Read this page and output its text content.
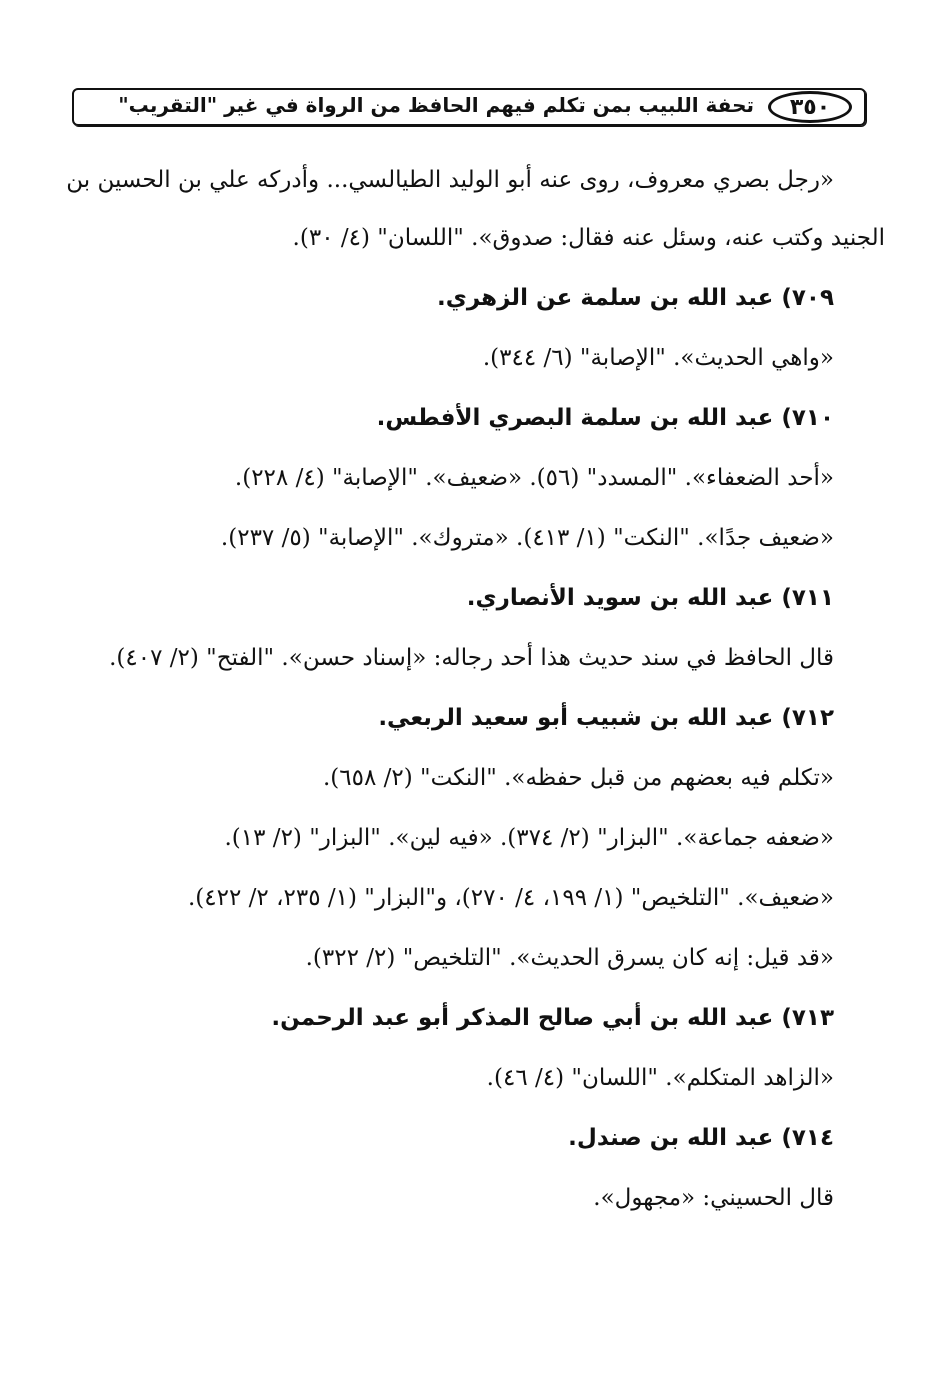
٣٥٠
تحفة اللبيب بمن تكلم فيهم الحافظ من الرواة في غير "التقريب"
«رجل بصري معروف، روى عنه أبو الوليد الطيالسي... وأدركه علي بن الحسين بن
الجنيد وكتب عنه، وسئل عنه فقال: صدوق». "اللسان" (٤/ ٣٠).
٧٠٩) عبد الله بن سلمة عن الزهري.
«واهي الحديث». "الإصابة" (٦/ ٣٤٤).
٧١٠) عبد الله بن سلمة البصري الأفطس.
«أحد الضعفاء». "المسدد" (٥٦). «ضعيف». "الإصابة" (٤/ ٢٢٨).
«ضعيف جدًا». "النكت" (١/ ٤١٣). «متروك». "الإصابة" (٥/ ٢٣٧).
٧١١) عبد الله بن سويد الأنصاري.
قال الحافظ في سند حديث هذا أحد رجاله: «إسناد حسن». "الفتح" (٢/ ٤٠٧).
٧١٢) عبد الله بن شبيب أبو سعيد الربعي.
«تكلم فيه بعضهم من قبل حفظه». "النكت" (٢/ ٦٥٨).
«ضعفه جماعة». "البزار" (٢/ ٣٧٤). «فيه لين». "البزار" (٢/ ١٣).
«ضعيف». "التلخيص" (١/ ١٩٩، ٤/ ٢٧٠)، و"البزار" (١/ ٢٣٥، ٢/ ٤٢٢).
«قد قيل: إنه كان يسرق الحديث». "التلخيص" (٢/ ٣٢٢).
٧١٣) عبد الله بن أبي صالح المذكر أبو عبد الرحمن.
«الزاهد المتكلم». "اللسان" (٤/ ٤٦).
٧١٤) عبد الله بن صندل.
قال الحسيني: «مجهول».
